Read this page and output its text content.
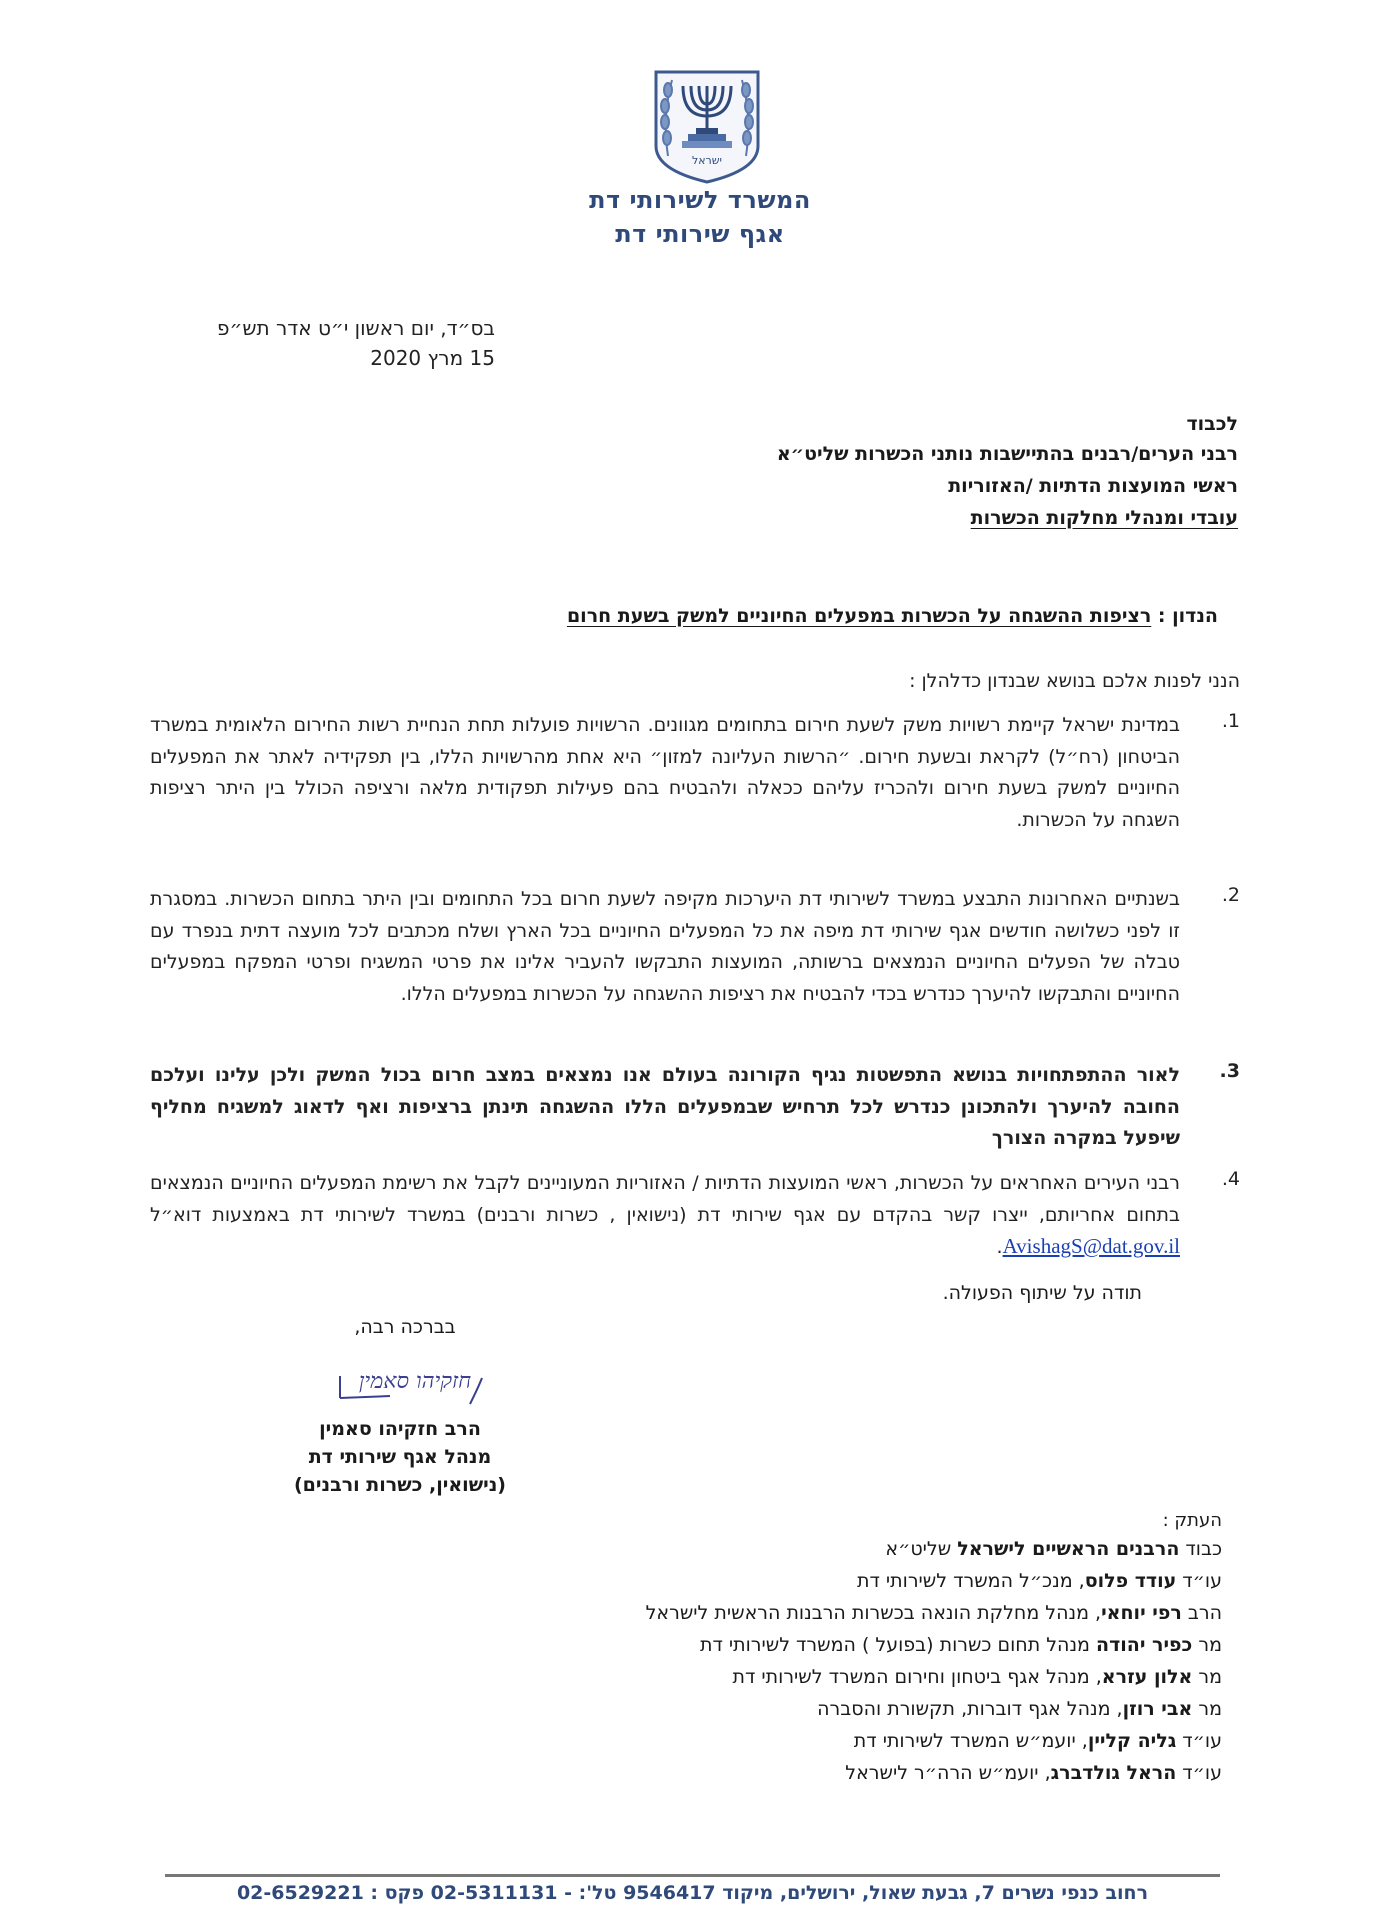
ישראל
המשרד לשירותי דת
אגף שירותי דת
בס״ד, יום ראשון י״ט אדר תש״פ
15 מרץ 2020
לכבוד
רבני הערים/רבנים בהתיישבות נותני הכשרות שליט״א
ראשי המועצות הדתיות /האזוריות
עובדי ומנהלי מחלקות הכשרות
הנדון : רציפות ההשגחה על הכשרות במפעלים החיוניים למשק בשעת חרום
הנני לפנות אלכם בנושא שבנדון כדלהלן :
1.
במדינת ישראל קיימת רשויות משק לשעת חירום בתחומים מגוונים. הרשויות פועלות תחת הנחיית רשות החירום הלאומית במשרד הביטחון (רח״ל) לקראת ובשעת חירום. ״הרשות העליונה למזון״ היא אחת מהרשויות הללו, בין תפקידיה לאתר את המפעלים החיוניים למשק בשעת חירום ולהכריז עליהם ככאלה ולהבטיח בהם פעילות תפקודית מלאה ורציפה הכולל בין היתר רציפות השגחה על הכשרות.
2.
בשנתיים האחרונות התבצע במשרד לשירותי דת היערכות מקיפה לשעת חרום בכל התחומים ובין היתר בתחום הכשרות. במסגרת זו לפני כשלושה חודשים אגף שירותי דת מיפה את כל המפעלים החיוניים בכל הארץ ושלח מכתבים לכל מועצה דתית בנפרד עם טבלה של הפעלים החיוניים הנמצאים ברשותה, המועצות התבקשו להעביר אלינו את פרטי המשגיח ופרטי המפקח במפעלים החיוניים והתבקשו להיערך כנדרש בכדי להבטיח את רציפות ההשגחה על הכשרות במפעלים הללו.
3.
לאור ההתפתחויות בנושא התפשטות נגיף הקורונה בעולם אנו נמצאים במצב חרום בכול המשק ולכן עלינו ועלכם החובה להיערך ולהתכונן כנדרש לכל תרחיש שבמפעלים הללו ההשגחה תינתן ברציפות ואף לדאוג למשגיח מחליף שיפעל במקרה הצורך
4.
רבני העירים האחראים על הכשרות, ראשי המועצות הדתיות / האזוריות המעוניינים לקבל את רשימת המפעלים החיוניים הנמצאים בתחום אחריותם, ייצרו קשר בהקדם עם אגף שירותי דת (נישואין , כשרות ורבנים) במשרד לשירותי דת באמצעות דוא״ל AvishagS@dat.gov.il.
תודה על שיתוף הפעולה.
בברכה רבה,
חזקיהו סאמין
הרב חזקיהו סאמין
מנהל אגף שירותי דת
(נישואין, כשרות ורבנים)
העתק :
כבוד הרבנים הראשיים לישראל שליט״א
עו״ד עודד פלוס, מנכ״ל המשרד לשירותי דת
הרב רפי יוחאי, מנהל מחלקת הונאה בכשרות הרבנות הראשית לישראל
מר כפיר יהודה מנהל תחום כשרות (בפועל ) המשרד לשירותי דת
מר אלון עזרא, מנהל אגף ביטחון וחירום המשרד לשירותי דת
מר אבי רוזן, מנהל אגף דוברות, תקשורת והסברה
עו״ד גליה קליין, יועמ״ש המשרד לשירותי דת
עו״ד הראל גולדברג, יועמ״ש הרה״ר לישראל
רחוב כנפי נשרים 7, גבעת שאול, ירושלים, מיקוד 9546417 טל': - 02-5311131 פקס : 02-6529221
